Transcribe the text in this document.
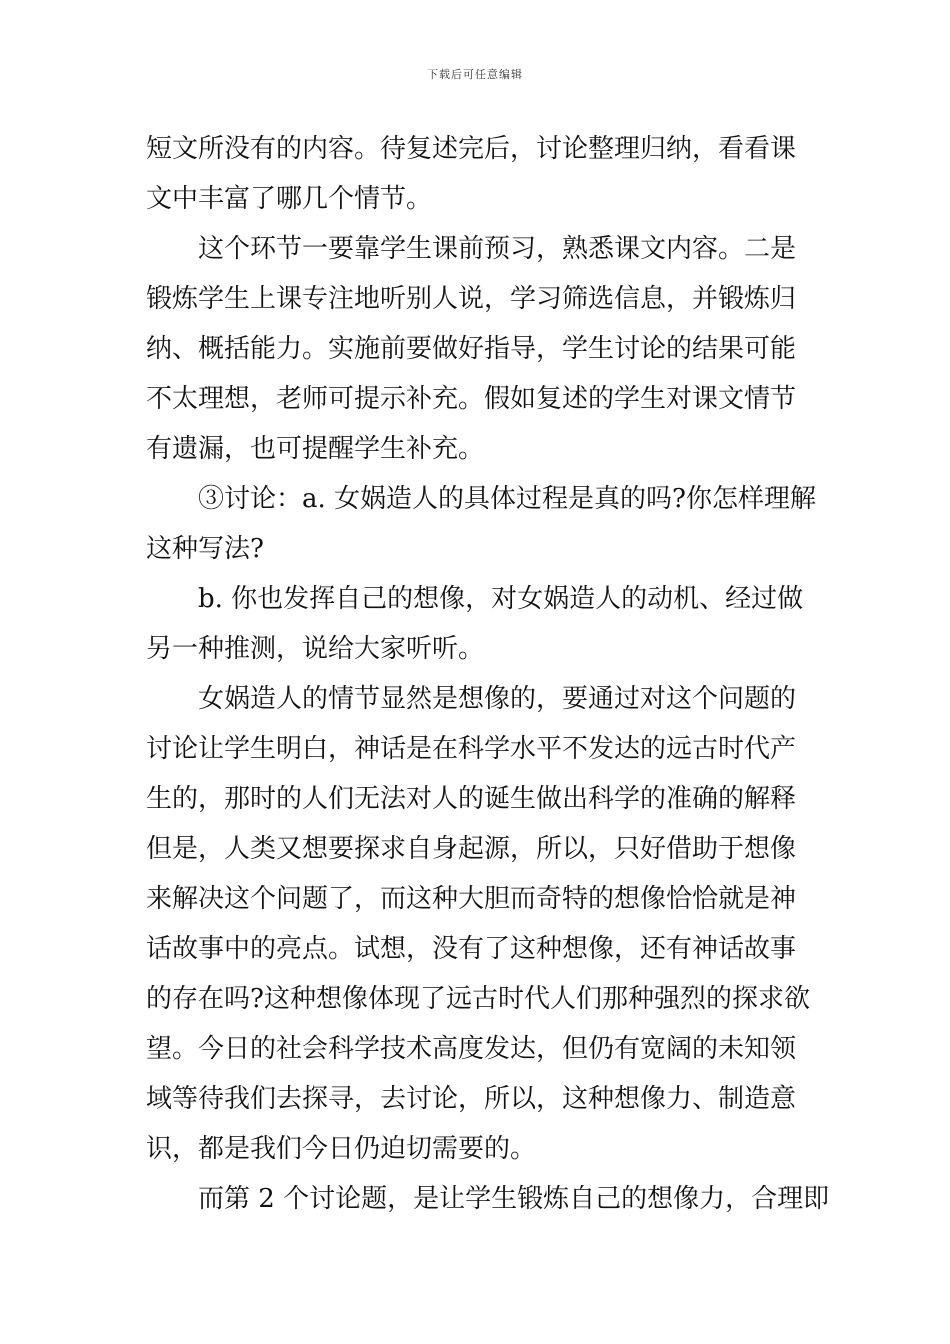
下载后可任意编辑
短文所没有的内容。待复述完后，讨论整理归纳，看看课
文中丰富了哪几个情节。
这个环节一要靠学生课前预习，熟悉课文内容。二是
锻炼学生上课专注地听别人说，学习筛选信息，并锻炼归
纳、概括能力。实施前要做好指导，学生讨论的结果可能
不太理想，老师可提示补充。假如复述的学生对课文情节
有遗漏，也可提醒学生补充。
③讨论：a. 女娲造人的具体过程是真的吗?你怎样理解
这种写法?
b. 你也发挥自己的想像，对女娲造人的动机、经过做
另一种推测，说给大家听听。
女娲造人的情节显然是想像的，要通过对这个问题的
讨论让学生明白，神话是在科学水平不发达的远古时代产
生的，那时的人们无法对人的诞生做出科学的准确的解释
但是，人类又想要探求自身起源，所以，只好借助于想像
来解决这个问题了，而这种大胆而奇特的想像恰恰就是神
话故事中的亮点。试想，没有了这种想像，还有神话故事
的存在吗?这种想像体现了远古时代人们那种强烈的探求欲
望。今日的社会科学技术高度发达，但仍有宽阔的未知领
域等待我们去探寻，去讨论，所以，这种想像力、制造意
识，都是我们今日仍迫切需要的。
而第 2 个讨论题，是让学生锻炼自己的想像力，合理即
